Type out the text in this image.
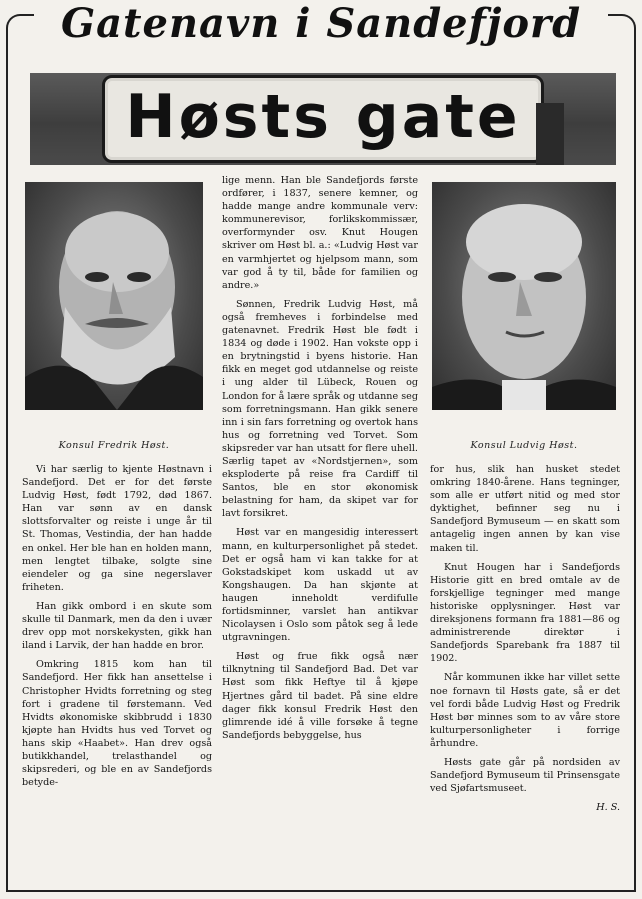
Gatenavn i Sandefjord
Høsts gate
Konsul Fredrik Høst.	Konsul Ludvig Høst.

Vi har særlig to kjente Høstnavn i Sandefjord. Det er for det første Ludvig Høst, født 1792, død 1867. Han var sønn av en dansk slottsforvalter og reiste i unge år til St. Thomas, Vestindia, der han hadde en onkel. Her ble han en holden mann, men lengtet tilbake, solgte sine eiendeler og ga sine negerslaver friheten.

Han gikk ombord i en skute som skulle til Danmark, men da den i uvær drev opp mot norskekysten, gikk han iland i Larvik, der han hadde en bror.

Omkring 1815 kom han til Sandefjord. Her fikk han ansettelse i Christopher Hvidts forretning og steg fort i gradene til førstemann. Ved Hvidts økonomiske skibbrudd i 1830 kjøpte han Hvidts hus ved Torvet og hans skip «Haabet». Han drev også butikkhandel, trelasthandel og skipsrederi, og ble en av Sandefjords betyde-

lige menn. Han ble Sandefjords første ordfører, i 1837, senere kemner, og hadde mange andre kommunale verv: kommunerevisor, forlikskommissær, overformynder osv. Knut Hougen skriver om Høst bl. a.: «Ludvig Høst var en varmhjertet og hjelpsom mann, som var god å ty til, både for familien og andre.»

Sønnen, Fredrik Ludvig Høst, må også fremheves i forbindelse med gatenavnet. Fredrik Høst ble født i 1834 og døde i 1902. Han vokste opp i en brytningstid i byens historie. Han fikk en meget god utdannelse og reiste i ung alder til Lübeck, Rouen og London for å lære språk og utdanne seg som forretningsmann. Han gikk senere inn i sin fars forretning og overtok hans hus og forretning ved Torvet. Som skipsreder var han utsatt for flere uhell. Særlig tapet av «Nordstjernen», som eksploderte på reise fra Cardiff til Santos, ble en stor økonomisk belastning for ham, da skipet var for lavt forsikret.

Høst var en mangesidig interessert mann, en kulturpersonlighet på stedet. Det er også ham vi kan takke for at Gokstadskipet kom uskadd ut av Kongshaugen. Da han skjønte at haugen inneholdt verdifulle fortidsminner, varslet han antikvar Nicolaysen i Oslo som påtok seg å lede utgravningen.

Høst og frue fikk også nær tilknytning til Sandefjord Bad. Det var Høst som fikk Heftye til å kjøpe Hjertnes gård til badet. På sine eldre dager fikk konsul Fredrik Høst den glimrende idé å ville forsøke å tegne Sandefjords bebyggelse, hus

for hus, slik han husket stedet omkring 1840-årene. Hans tegninger, som alle er utført nitid og med stor dyktighet, befinner seg nu i Sandefjord Bymuseum — en skatt som antagelig ingen annen by kan vise maken til.

Knut Hougen har i Sandefjords Historie gitt en bred omtale av de forskjellige tegninger med mange historiske opplysninger. Høst var direksjonens formann fra 1881—86 og administrerende direktør i Sandefjords Sparebank fra 1887 til 1902.

Når kommunen ikke har villet sette noe fornavn til Høsts gate, så er det vel fordi både Ludvig Høst og Fredrik Høst bør minnes som to av våre store kulturpersonligheter i forrige århundre.

Høsts gate går på nordsiden av Sandefjord Bymuseum til Prinsensgate ved Sjøfartsmuseet.

H. S.
